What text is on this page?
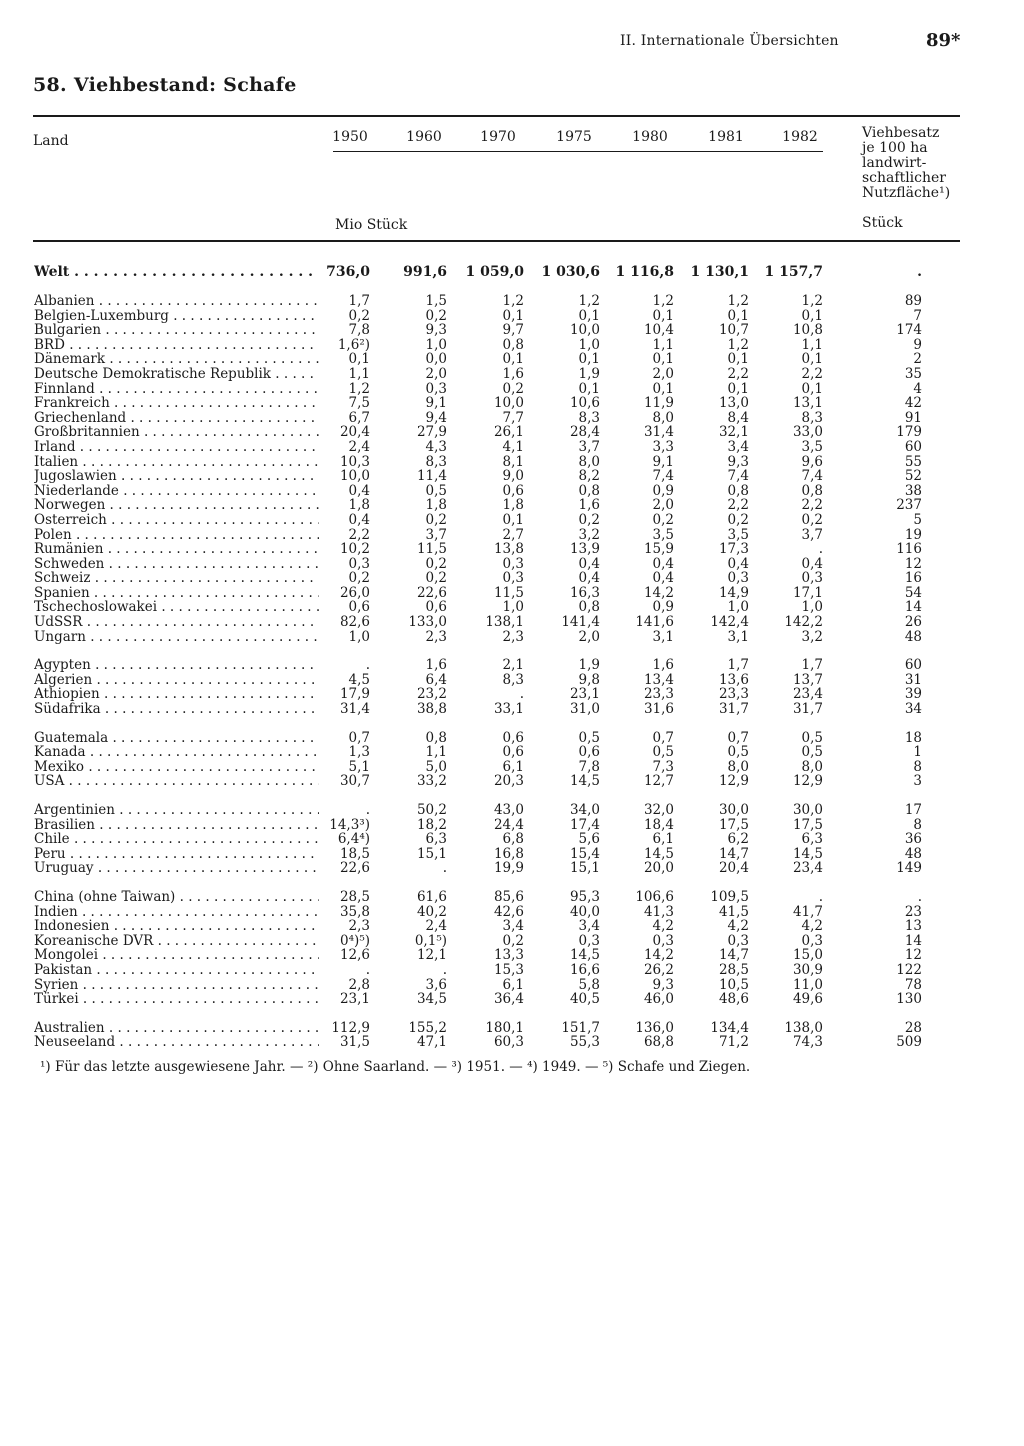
II. Internationale Übersichten	89*
58. Viehbestand: Schafe
Land	1950	1960	1970	1975	1980	1981	1982	Viehbesatz
je 100 ha
landwirt-
schaftlicher
Nutzfläche¹)
Mio Stück	Stück
Welt . . .	736,0	991,6	1 059,0	1 030,6	1 116,8	1 130,1	1 157,7	.
Albanien . . .	1,7	1,5	1,2	1,2	1,2	1,2	1,2	89
Belgien-Luxemburg . . .	0,2	0,2	0,1	0,1	0,1	0,1	0,1	7
Bulgarien . . .	7,8	9,3	9,7	10,0	10,4	10,7	10,8	174
BRD . . .	1,6²)	1,0	0,8	1,0	1,1	1,2	1,1	9
Dänemark . . .	0,1	0,0	0,1	0,1	0,1	0,1	0,1	2
Deutsche Demokratische Republik . . .	1,1	2,0	1,6	1,9	2,0	2,2	2,2	35
Finnland . . .	1,2	0,3	0,2	0,1	0,1	0,1	0,1	4
Frankreich . . .	7,5	9,1	10,0	10,6	11,9	13,0	13,1	42
Griechenland . . .	6,7	9,4	7,7	8,3	8,0	8,4	8,3	91
Großbritannien . . .	20,4	27,9	26,1	28,4	31,4	32,1	33,0	179
Irland . . .	2,4	4,3	4,1	3,7	3,3	3,4	3,5	60
Italien . . .	10,3	8,3	8,1	8,0	9,1	9,3	9,6	55
Jugoslawien . . .	10,0	11,4	9,0	8,2	7,4	7,4	7,4	52
Niederlande . . .	0,4	0,5	0,6	0,8	0,9	0,8	0,8	38
Norwegen . . .	1,8	1,8	1,8	1,6	2,0	2,2	2,2	237
Österreich . . .	0,4	0,2	0,1	0,2	0,2	0,2	0,2	5
Polen . . .	2,2	3,7	2,7	3,2	3,5	3,5	3,7	19
Rumänien . . .	10,2	11,5	13,8	13,9	15,9	17,3	.	116
Schweden . . .	0,3	0,2	0,3	0,4	0,4	0,4	0,4	12
Schweiz . . .	0,2	0,2	0,3	0,4	0,4	0,3	0,3	16
Spanien . . .	26,0	22,6	11,5	16,3	14,2	14,9	17,1	54
Tschechoslowakei . . .	0,6	0,6	1,0	0,8	0,9	1,0	1,0	14
UdSSR . . .	82,6	133,0	138,1	141,4	141,6	142,4	142,2	26
Ungarn . . .	1,0	2,3	2,3	2,0	3,1	3,1	3,2	48
Ägypten . . .	.	1,6	2,1	1,9	1,6	1,7	1,7	60
Algerien . . .	4,5	6,4	8,3	9,8	13,4	13,6	13,7	31
Äthiopien . . .	17,9	23,2	.	23,1	23,3	23,3	23,4	39
Südafrika . . .	31,4	38,8	33,1	31,0	31,6	31,7	31,7	34
Guatemala . . .	0,7	0,8	0,6	0,5	0,7	0,7	0,5	18
Kanada . . .	1,3	1,1	0,6	0,6	0,5	0,5	0,5	1
Mexiko . . .	5,1	5,0	6,1	7,8	7,3	8,0	8,0	8
USA . . .	30,7	33,2	20,3	14,5	12,7	12,9	12,9	3
Argentinien . . .	.	50,2	43,0	34,0	32,0	30,0	30,0	17
Brasilien . . .	14,3³)	18,2	24,4	17,4	18,4	17,5	17,5	8
Chile . . .	6,4⁴)	6,3	6,8	5,6	6,1	6,2	6,3	36
Peru . . .	18,5	15,1	16,8	15,4	14,5	14,7	14,5	48
Uruguay . . .	22,6	.	19,9	15,1	20,0	20,4	23,4	149
China (ohne Taiwan) . . .	28,5	61,6	85,6	95,3	106,6	109,5	.	.
Indien . . .	35,8	40,2	42,6	40,0	41,3	41,5	41,7	23
Indonesien . . .	2,3	2,4	3,4	3,4	4,2	4,2	4,2	13
Koreanische DVR . . .	0⁴)⁵)	0,1⁵)	0,2	0,3	0,3	0,3	0,3	14
Mongolei . . .	12,6	12,1	13,3	14,5	14,2	14,7	15,0	12
Pakistan . . .	.	.	15,3	16,6	26,2	28,5	30,9	122
Syrien . . .	2,8	3,6	6,1	5,8	9,3	10,5	11,0	78
Türkei . . .	23,1	34,5	36,4	40,5	46,0	48,6	49,6	130
Australien . . .	112,9	155,2	180,1	151,7	136,0	134,4	138,0	28
Neuseeland . . .	31,5	47,1	60,3	55,3	68,8	71,2	74,3	509
¹) Für das letzte ausgewiesene Jahr. — ²) Ohne Saarland. — ³) 1951. — ⁴) 1949. — ⁵) Schafe und Ziegen.
